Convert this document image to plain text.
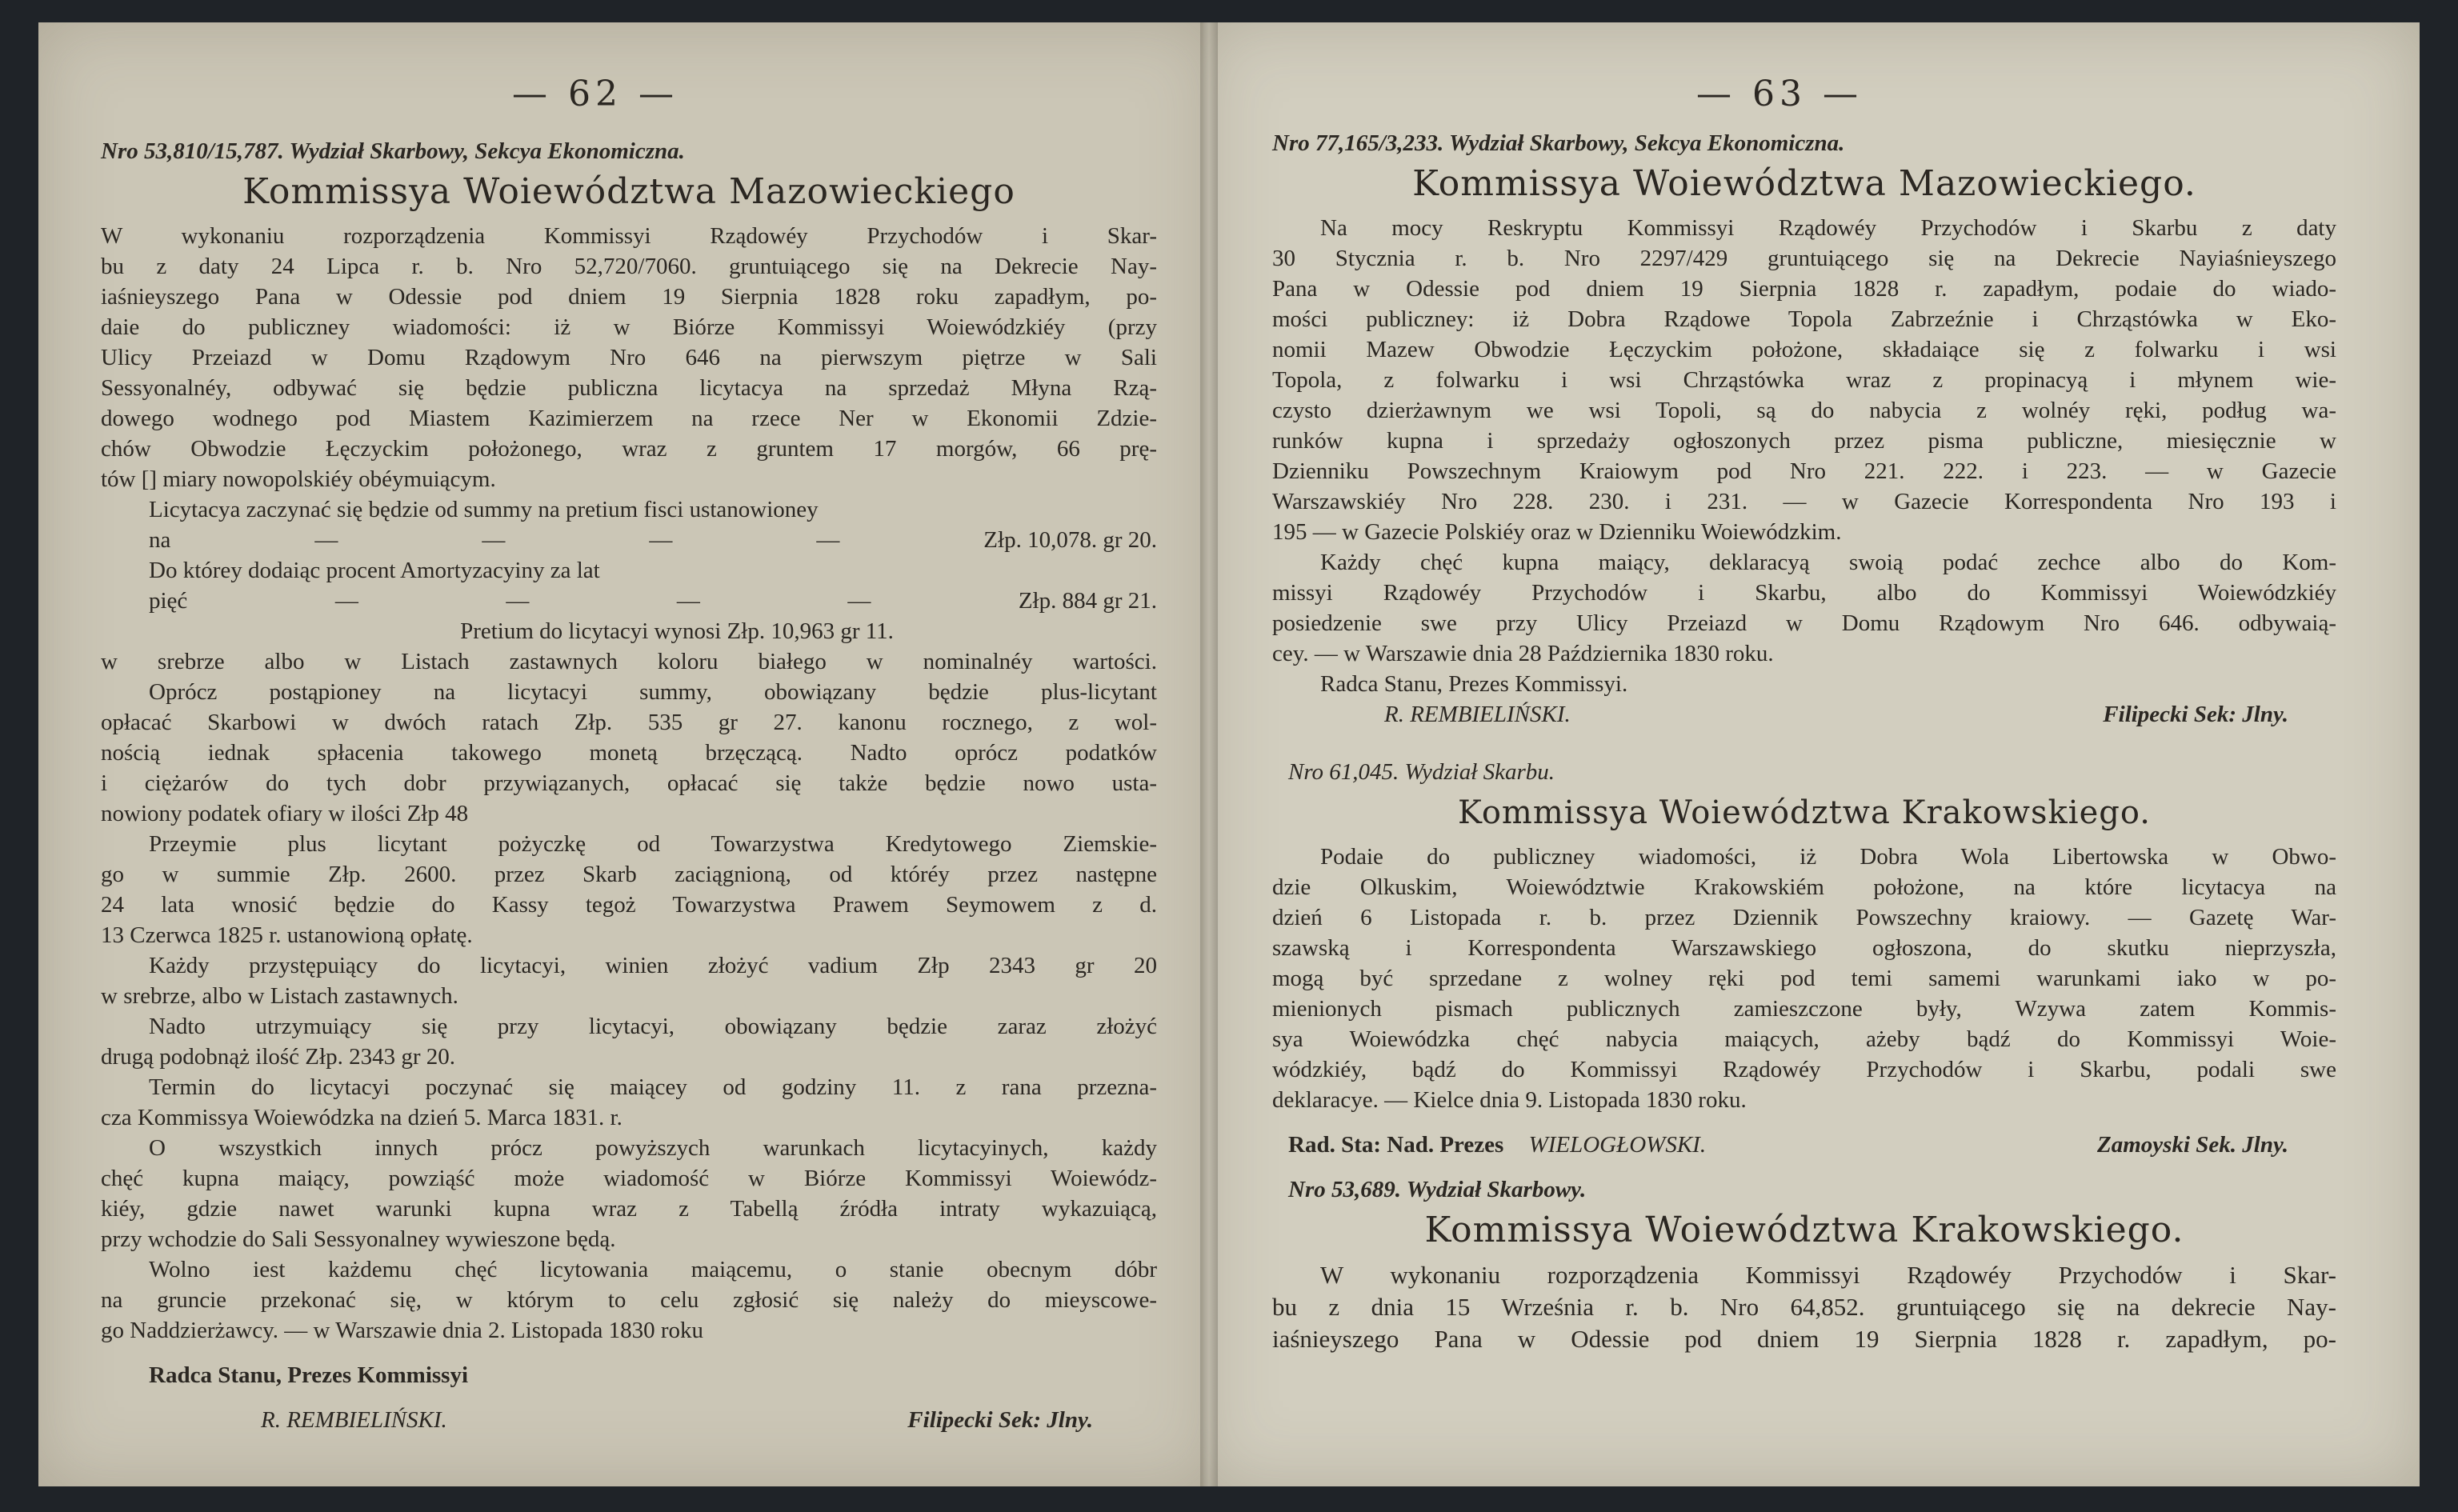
— 62 —	— 63 —
Nro 53,810/15,787. Wydział Skarbowy, Sekcya Ekonomiczna.
Kommissya Woiewództwa Mazowieckiego
W wykonaniu rozporządzenia Kommissyi Rządowéy Przychodów i Skar-
bu z daty 24 Lipca r. b. Nro 52,720/7060. gruntuiącego się na Dekrecie Nay-
iaśnieyszego Pana w Odessie pod dniem 19 Sierpnia 1828 roku zapadłym, po-
daie do publiczney wiadomości: iż w Biórze Kommissyi Woiewódzkiéy (przy
Ulicy Przeiazd w Domu Rządowym Nro 646 na pierwszym piętrze w Sali
Sessyonalnéy, odbywać się będzie publiczna licytacya na sprzedaż Młyna Rzą-
dowego wodnego pod Miastem Kazimierzem na rzece Ner w Ekonomii Zdzie-
chów Obwodzie Łęczyckim położonego, wraz z gruntem 17 morgów, 66 prę-
tów [] miary nowopolskiéy obéymuiącym.
Licytacya zaczynać się będzie od summy na pretium fisci ustanowioney
na	—	—	—	—	Złp. 10,078. gr 20.
Do którey dodaiąc procent Amortyzacyiny za lat
pięć	—	—	—	—	Złp. 884 gr 21.
Pretium do licytacyi wynosi Złp. 10,963 gr 11.
w srebrze albo w Listach zastawnych koloru białego w nominalnéy wartości.
Oprócz postąpioney na licytacyi summy, obowiązany będzie plus-licytant
opłacać Skarbowi w dwóch ratach Złp. 535 gr 27. kanonu rocznego, z wol-
nością iednak spłacenia takowego monetą brzęczącą. Nadto oprócz podatków
i ciężarów do tych dobr przywiązanych, opłacać się także będzie nowo usta-
nowiony podatek ofiary w ilości Złp 48
Przeymie plus licytant pożyczkę od Towarzystwa Kredytowego Ziemskie-
go w summie Złp. 2600. przez Skarb zaciągnioną, od któréy przez następne
24 lata wnosić będzie do Kassy tegoż Towarzystwa Prawem Seymowem z d.
13 Czerwca 1825 r. ustanowioną opłatę.
Każdy przystępuiący do licytacyi, winien złożyć vadium Złp 2343 gr 20
w srebrze, albo w Listach zastawnych.
Nadto utrzymuiący się przy licytacyi, obowiązany będzie zaraz złożyć
drugą podobnąż ilość Złp. 2343 gr 20.
Termin do licytacyi poczynać się maiącey od godziny 11. z rana przezna-
cza Kommissya Woiewódzka na dzień 5. Marca 1831. r.
O wszystkich innych prócz powyższych warunkach licytacyinych, każdy
chęć kupna maiący, powziąść może wiadomość w Biórze Kommissyi Woiewódz-
kiéy, gdzie nawet warunki kupna wraz z Tabellą źródła intraty wykazuiącą,
przy wchodzie do Sali Sessyonalney wywieszone będą.
Wolno iest każdemu chęć licytowania maiącemu, o stanie obecnym dóbr
na gruncie przekonać się, w którym to celu zgłosić się należy do mieyscowe-
go Naddzierżawcy. — w Warszawie dnia 2. Listopada 1830 roku
Radca Stanu, Prezes Kommissyi
R. REMBIELIŃSKI.	Filipecki Sek: Jlny.
Nro 77,165/3,233. Wydział Skarbowy, Sekcya Ekonomiczna.
Kommissya Woiewództwa Mazowieckiego.
Na mocy Reskryptu Kommissyi Rządowéy Przychodów i Skarbu z daty
30 Stycznia r. b. Nro 2297/429 gruntuiącego się na Dekrecie Nayiaśnieyszego
Pana w Odessie pod dniem 19 Sierpnia 1828 r. zapadłym, podaie do wiado-
mości publiczney: iż Dobra Rządowe Topola Zabrzeźnie i Chrząstówka w Eko-
nomii Mazew Obwodzie Łęczyckim położone, składaiące się z folwarku i wsi
Topola, z folwarku i wsi Chrząstówka wraz z propinacyą i młynem wie-
czysto dzierżawnym we wsi Topoli, są do nabycia z wolnéy ręki, podług wa-
runków kupna i sprzedaży ogłoszonych przez pisma publiczne, miesięcznie w
Dzienniku Powszechnym Kraiowym pod Nro 221. 222. i 223. — w Gazecie
Warszawskiéy Nro 228. 230. i 231. — w Gazecie Korrespondenta Nro 193 i
195 — w Gazecie Polskiéy oraz w Dzienniku Woiewódzkim.
Każdy chęć kupna maiący, deklaracyą swoią podać zechce albo do Kom-
missyi Rządowéy Przychodów i Skarbu, albo do Kommissyi Woiewódzkiéy
posiedzenie swe przy Ulicy Przeiazd w Domu Rządowym Nro 646. odbywaią-
cey. — w Warszawie dnia 28 Października 1830 roku.
Radca Stanu, Prezes Kommissyi.
R. REMBIELIŃSKI.	Filipecki Sek: Jlny.
Nro 61,045. Wydział Skarbu.
Kommissya Woiewództwa Krakowskiego.
Podaie do publiczney wiadomości, iż Dobra Wola Libertowska w Obwo-
dzie Olkuskim, Woiewództwie Krakowskiém położone, na które licytacya na
dzień 6 Listopada r. b. przez Dziennik Powszechny kraiowy. — Gazetę War-
szawską i Korrespondenta Warszawskiego ogłoszona, do skutku nieprzyszła,
mogą być sprzedane z wolney ręki pod temi samemi warunkami iako w po-
mienionych pismach publicznych zamieszczone były, Wzywa zatem Kommis-
sya Woiewódzka chęć nabycia maiących, ażeby bądź do Kommissyi Woie-
wódzkiéy, bądź do Kommissyi Rządowéy Przychodów i Skarbu, podali swe
deklaracye. — Kielce dnia 9. Listopada 1830 roku.
Rad. Sta: Nad. Prezes WIELOGŁOWSKI.	Zamoyski Sek. Jlny.
Nro 53,689. Wydział Skarbowy.
Kommissya Woiewództwa Krakowskiego.
W wykonaniu rozporządzenia Kommissyi Rządowéy Przychodów i Skar-
bu z dnia 15 Września r. b. Nro 64,852. gruntuiącego się na dekrecie Nay-
iaśnieyszego Pana w Odessie pod dniem 19 Sierpnia 1828 r. zapadłym, po-
